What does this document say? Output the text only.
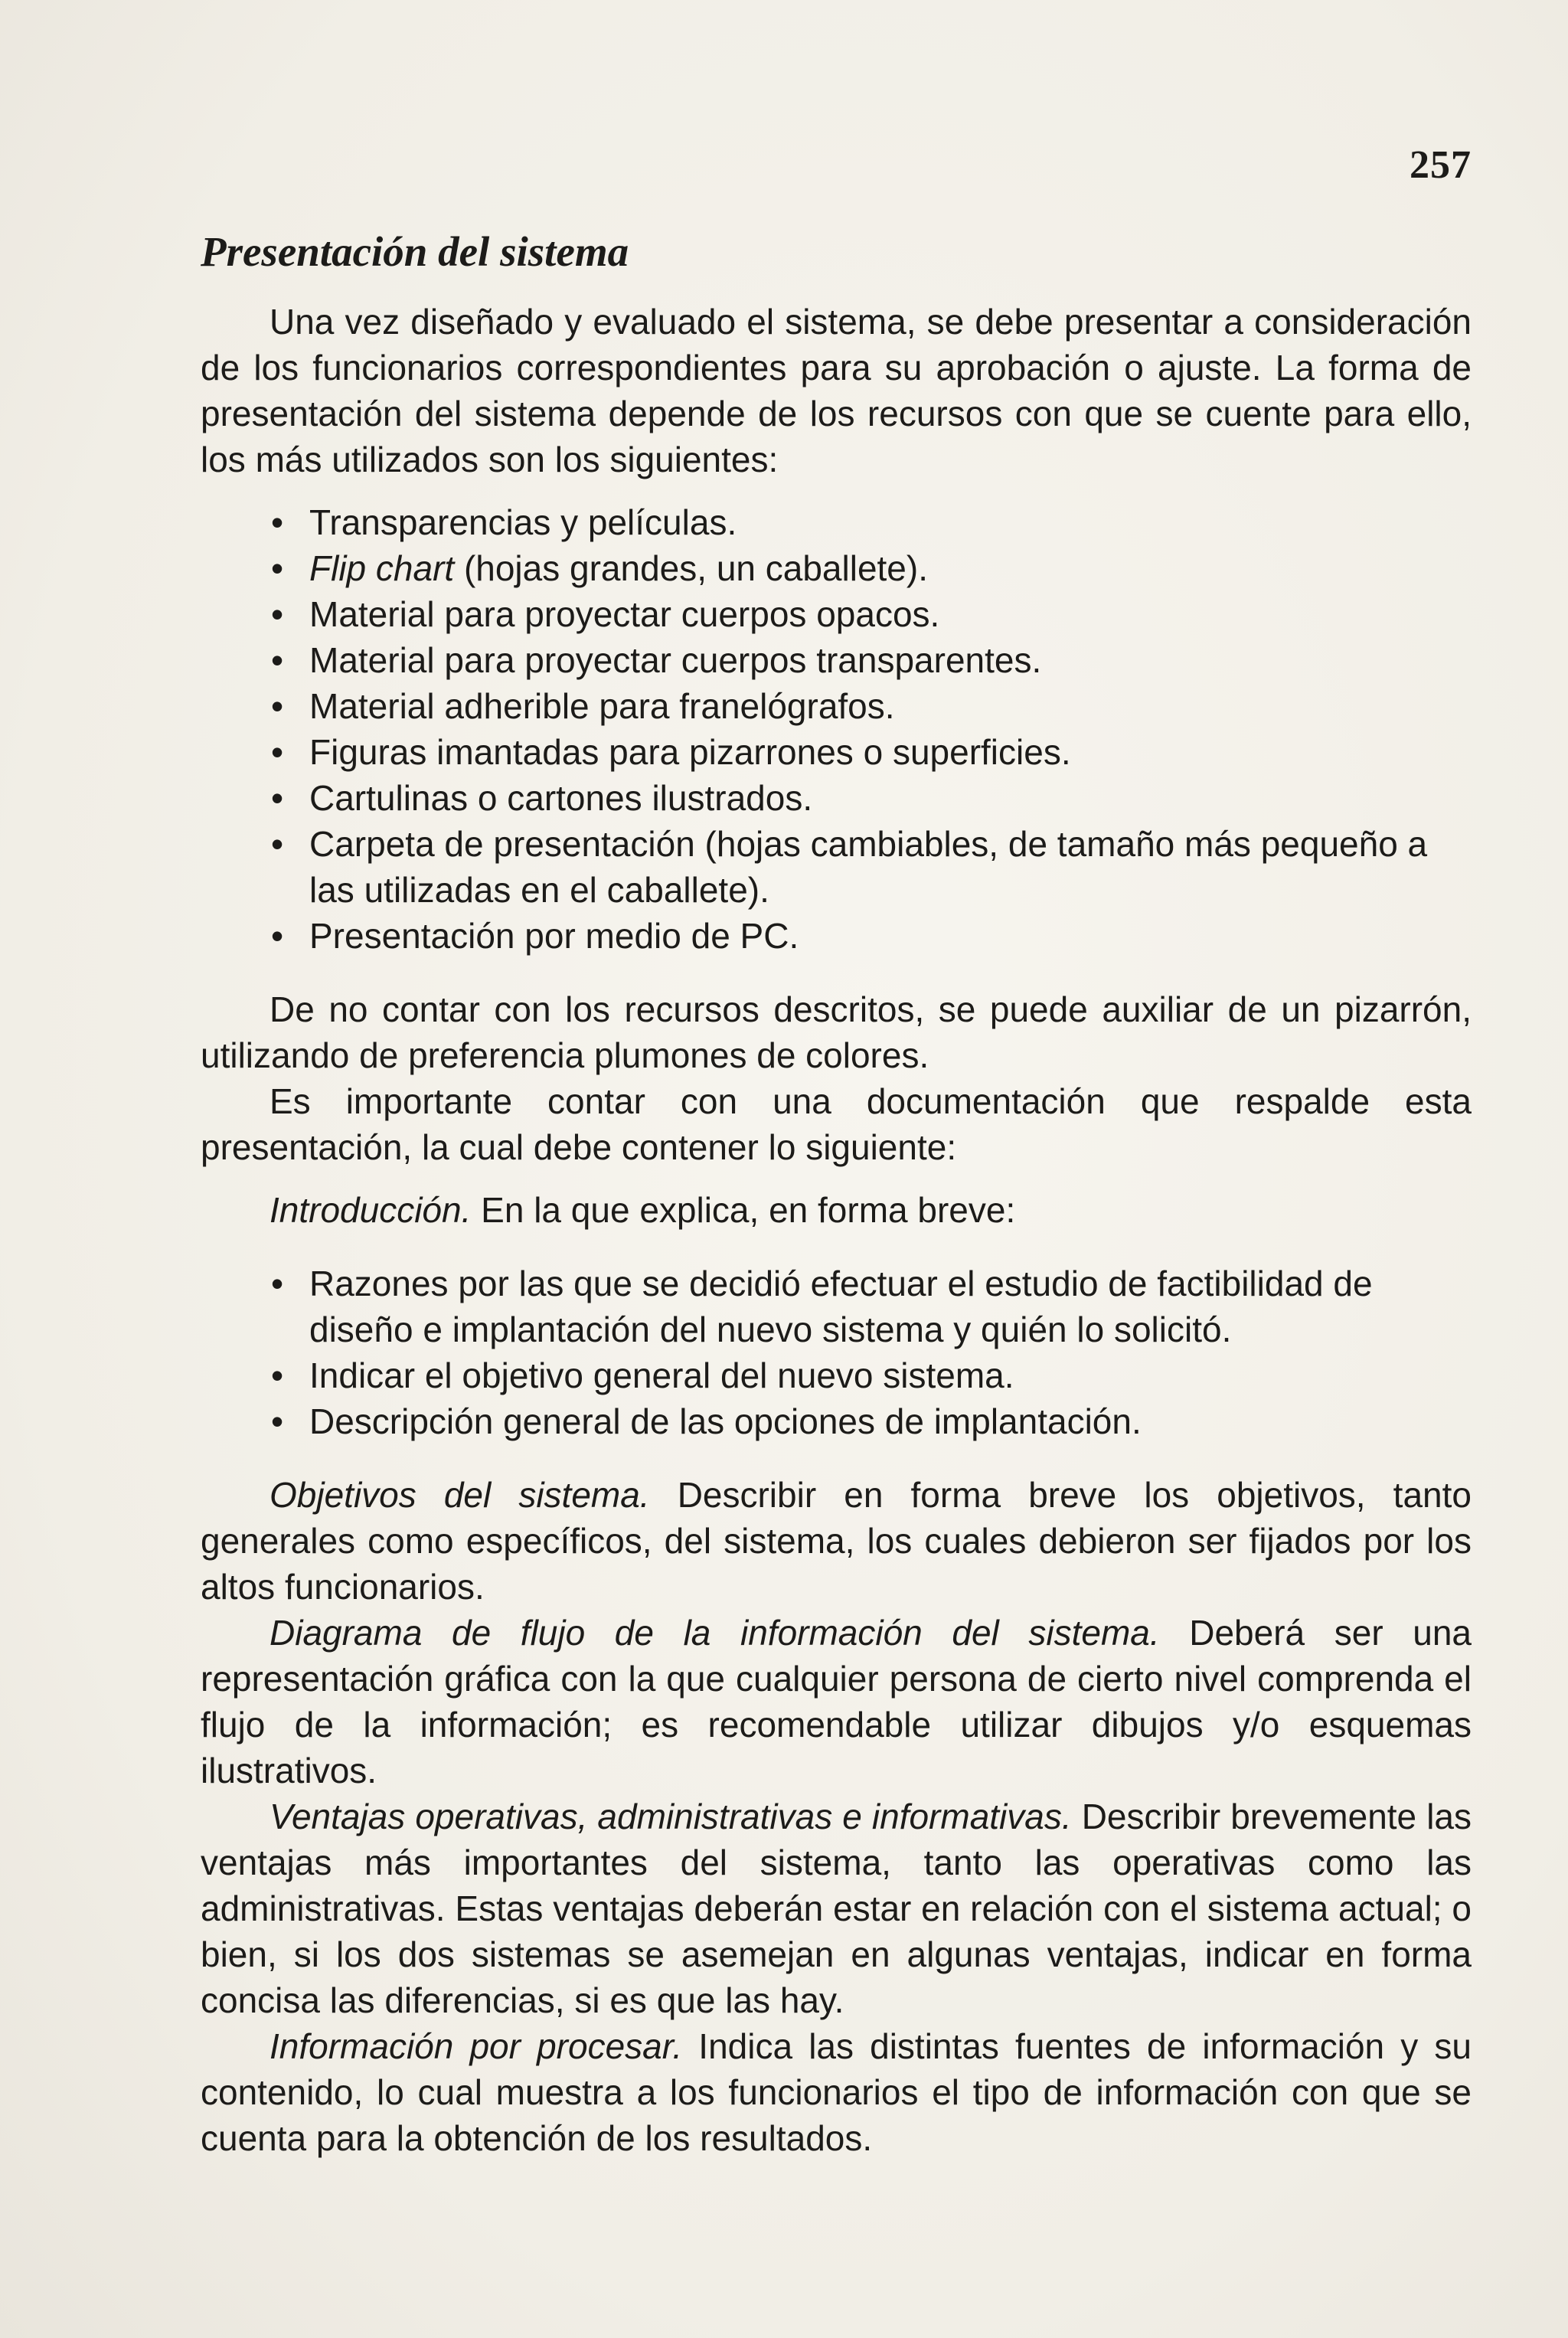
257
Presentación del sistema

Una vez diseñado y evaluado el sistema, se debe presentar a consideración de los funcionarios correspondientes para su aprobación o ajuste. La forma de presentación del sistema depende de los recursos con que se cuente para ello, los más utilizados son los siguientes:

• Transparencias y películas.
• Flip chart (hojas grandes, un caballete).
• Material para proyectar cuerpos opacos.
• Material para proyectar cuerpos transparentes.
• Material adherible para franelógrafos.
• Figuras imantadas para pizarrones o superficies.
• Cartulinas o cartones ilustrados.
• Carpeta de presentación (hojas cambiables, de tamaño más pequeño a las utilizadas en el caballete).
• Presentación por medio de PC.

De no contar con los recursos descritos, se puede auxiliar de un pizarrón, utilizando de preferencia plumones de colores.

Es importante contar con una documentación que respalde esta presentación, la cual debe contener lo siguiente:

Introducción. En la que explica, en forma breve:

• Razones por las que se decidió efectuar el estudio de factibilidad de diseño e implantación del nuevo sistema y quién lo solicitó.
• Indicar el objetivo general del nuevo sistema.
• Descripción general de las opciones de implantación.

Objetivos del sistema. Describir en forma breve los objetivos, tanto generales como específicos, del sistema, los cuales debieron ser fijados por los altos funcionarios.

Diagrama de flujo de la información del sistema. Deberá ser una representación gráfica con la que cualquier persona de cierto nivel comprenda el flujo de la información; es recomendable utilizar dibujos y/o esquemas ilustrativos.

Ventajas operativas, administrativas e informativas. Describir brevemente las ventajas más importantes del sistema, tanto las operativas como las administrativas. Estas ventajas deberán estar en relación con el sistema actual; o bien, si los dos sistemas se asemejan en algunas ventajas, indicar en forma concisa las diferencias, si es que las hay.

Información por procesar. Indica las distintas fuentes de información y su contenido, lo cual muestra a los funcionarios el tipo de información con que se cuenta para la obtención de los resultados.
